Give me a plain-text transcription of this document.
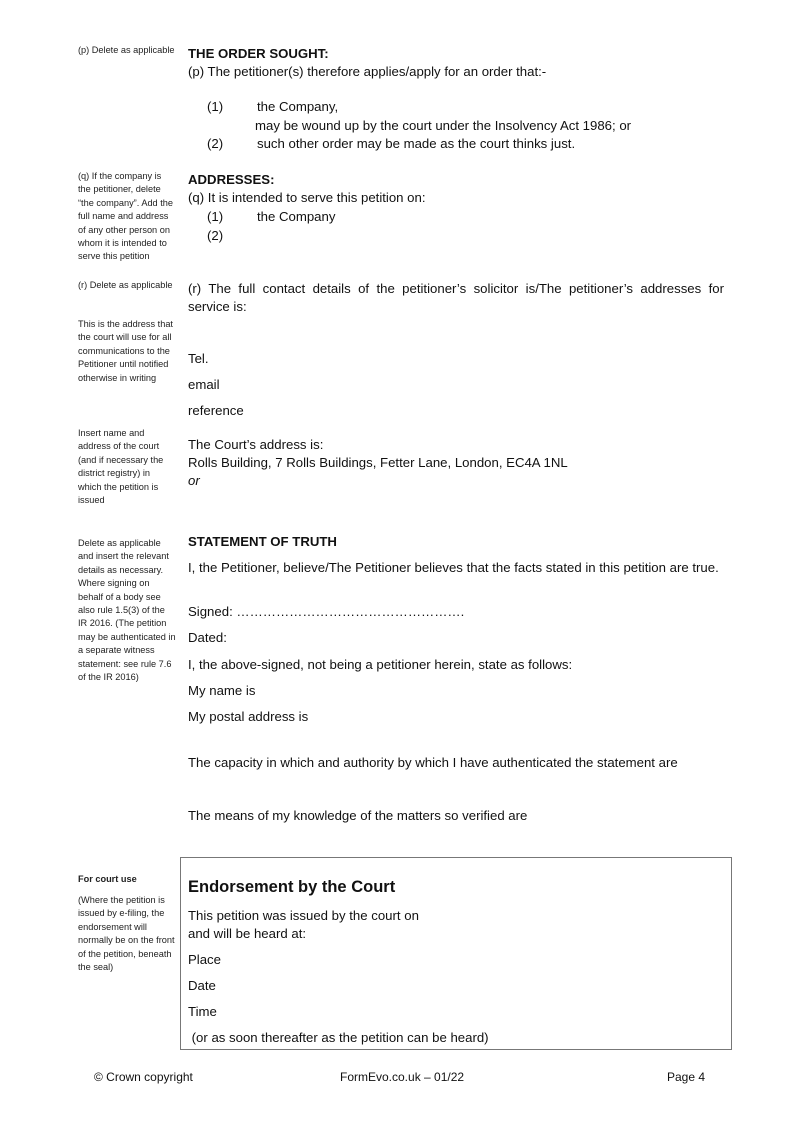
(p) Delete as applicable
(q) If the company is the petitioner, delete “the company”. Add the full name and address of any other person on whom it is intended to serve this petition
(r) Delete as applicable
This is the address that the court will use for all communications to the Petitioner until notified otherwise in writing
Insert name and address of the court (and if necessary the district registry) in which the petition is issued
Delete as applicable and insert the relevant details as necessary. Where signing on behalf of a body see also rule 1.5(3) of the IR 2016. (The petition may be authenticated in a separate witness statement: see rule 7.6 of the IR 2016)
For court use
(Where the petition is issued by e-filing, the endorsement will normally be on the front of the petition, beneath the seal)
THE ORDER SOUGHT:
(p) The petitioner(s) therefore applies/apply for an order that:-
(1)	the Company,
may be wound up by the court under the Insolvency Act 1986; or
(2)	such other order may be made as the court thinks just.
ADDRESSES:
(q) It is intended to serve this petition on:
(1)	the Company
(2)
(r) The full contact details of the petitioner’s solicitor is/The petitioner’s addresses for service is:
Tel.
email
reference
The Court’s address is:
Rolls Building, 7 Rolls Buildings, Fetter Lane, London, EC4A 1NL
or
STATEMENT OF TRUTH
I, the Petitioner, believe/The Petitioner believes that the facts stated in this petition are true.
Signed: …………………………………………….
Dated:
I, the above-signed, not being a petitioner herein, state as follows:
My name is
My postal address is
The capacity in which and authority by which I have authenticated the statement are
The means of my knowledge of the matters so verified are
Endorsement by the Court
This petition was issued by the court on
and will be heard at:
Place
Date
Time
(or as soon thereafter as the petition can be heard)
© Crown copyright	FormEvo.co.uk – 01/22	Page 4
